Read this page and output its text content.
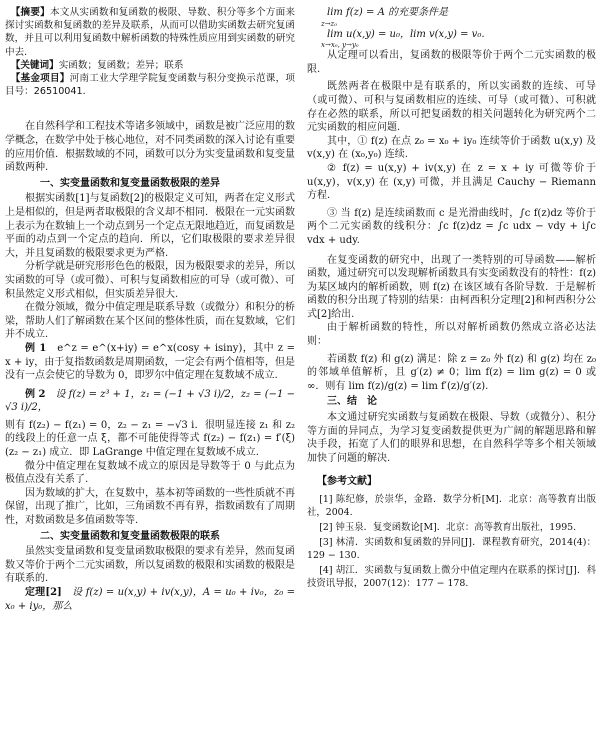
【摘要】本文从实函数和复函数的极限、导数、积分等多个方面来探讨实函数和复函数的差异及联系，从而可以借助实函数去研究复函数，并且可以利用复函数中解析函数的特殊性质应用到实函数的研究中去.

【关键词】实函数；复函数；差异；联系

【基金项目】河南工业大学理学院复变函数与积分变换示范课，项目号：26510041.

在自然科学和工程技术等诸多领域中，函数是被广泛应用的数学概念，在数学中处于核心地位，对不同类函数的深入讨论有重要的应用价值．根据数域的不同，函数可以分为实变量函数和复变量函数两种.

一、实变量函数和复变量函数极限的差异

根据实函数[1]与复函数[2]的极限定义可知，两者在定义形式上是相似的，但是两者取极限的含义却不相同．极限在一元实函数上表示为在数轴上一个动点到另一个定点无限地趋近，而复函数是平面的动点到一个定点的趋向．所以，它们取极限的要求差异很大，并且复函数的极限要求更为严格.

分析学就是研究形形色色的极限，因为极限要求的差异，所以实函数的可导（或可微）、可积与复函数相应的可导（或可微）、可积虽然定义形式相似，但实质差异很大.

在微分领域，微分中值定理是联系导数（或微分）和积分的桥梁，帮助人们了解函数在某个区间的整体性质，而在复数域，它们并不成立.

例 1　 e^z = e^(x+iy) = e^x(cosy + isiny)，其中 z = x + iy，由于复指数函数是周期函数，一定会有两个值相等，但是没有一点会使它的导数为 0，即罗尔中值定理在复数域不成立.

例 2　 设 f(z) = z³ + 1，z₁ = (−1 + √3 i)/2，z₂ = (−1 − √3 i)/2，

则有 f(z₂) − f(z₁) = 0，z₂ − z₁ = −√3 i．很明显连接 z₁ 和 z₂ 的线段上的任意一点 ξ，都不可能使得等式 f(z₂) − f(z₁) = f′(ξ)(z₂ − z₁) 成立．即 LaGrange 中值定理在复数域不成立.

微分中值定理在复数域不成立的原因是导数等于 0 与此点为极值点没有关系了.

因为数域的扩大，在复数中，基本初等函数的一些性质就不再保留，出现了推广，比如，三角函数不再有界，指数函数有了周期性，对数函数是多值函数等等.

二、实变量函数和复变量函数极限的联系

虽然实变量函数和复变量函数取极限的要求有差异，然而复函数又等价于两个二元实函数，所以复函数的极限和实函数的极限是有联系的.

定理[2]　 设 f(z) = u(x,y) + iv(x,y)，A = u₀ + iv₀，z₀ = x₀ + iy₀，那么

lim f(z) = A 的充要条件是

z→z₀

lim u(x,y) = u₀，lim v(x,y) = v₀.

x→x₀, y→y₀

从定理可以看出，复函数的极限等价于两个二元实函数的极限.

既然两者在极限中是有联系的，所以实函数的连续、可导（或可微）、可积与复函数相应的连续、可导（或可微）、可积就存在必然的联系，所以可把复函数的相关问题转化为研究两个二元实函数的相应问题.

其中，① f(z) 在点 z₀ = x₀ + iy₀ 连续等价于函数 u(x,y) 及 v(x,y) 在 (x₀,y₀) 连续.

② f(z) = u(x,y) + iv(x,y) 在 z = x + iy 可微等价于 u(x,y)，v(x,y) 在 (x,y) 可微，并且满足 Cauchy − Riemann 方程.

③ 当 f(z) 是连续函数而 c 是光滑曲线时，∫c f(z)dz 等价于两个二元实函数的线积分：∫c f(z)dz = ∫c udx − vdy + i∫c vdx + udy.

在复变函数的研究中，出现了一类特别的可导函数——解析函数，通过研究可以发现解析函数具有实变函数没有的特性：f(z) 为某区域内的解析函数，则 f(z) 在该区域有各阶导数．于是解析函数的积分出现了特别的结果：由柯西积分定理[2]和柯西积分公式[2]给出.

由于解析函数的特性，所以对解析函数仍然成立洛必达法则：

若函数 f(z) 和 g(z) 满足：除 z = z₀ 外 f(z) 和 g(z) 均在 z₀ 的邻域单值解析，且 g′(z) ≠ 0；lim f(z) = lim g(z) = 0 或 ∞．则有 lim f(z)/g(z) = lim f′(z)/g′(z).

三、结　论

本文通过研究实函数与复函数在极限、导数（或微分）、积分等方面的异同点，为学习复变函数提供更为广阔的解题思路和解决手段，拓宽了人们的眼界和思想，在自然科学等多个相关领域加快了问题的解决.

【参考文献】

[1] 陈纪修，於崇华，金路．数学分析[M]．北京：高等教育出版社，2004.

[2] 钟玉泉．复变函数论[M]．北京：高等教育出版社，1995.

[3] 林清．实函数和复函数的异同[J]．课程教育研究，2014(4)：129 − 130.

[4] 胡江．实函数与复函数上微分中值定理内在联系的探讨[J]．科技资讯导报，2007(12)：177 − 178.
